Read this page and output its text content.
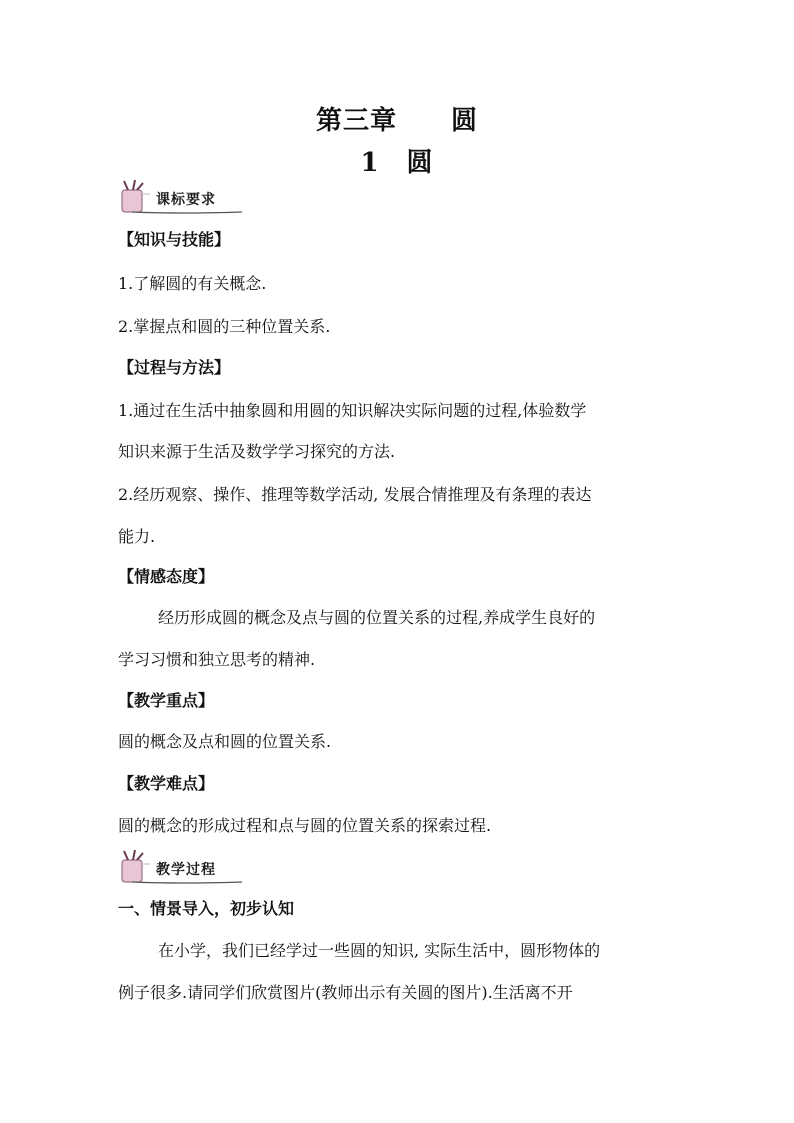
第三章　　圆
1　圆
课标要求
【知识与技能】
1.了解圆的有关概念.
2.掌握点和圆的三种位置关系.
【过程与方法】
1.通过在生活中抽象圆和用圆的知识解决实际问题的过程,体验数学
知识来源于生活及数学学习探究的方法.
2.经历观察、操作、推理等数学活动, 发展合情推理及有条理的表达
能力.
【情感态度】
经历形成圆的概念及点与圆的位置关系的过程,养成学生良好的
学习习惯和独立思考的精神.
【教学重点】
圆的概念及点和圆的位置关系.
【教学难点】
圆的概念的形成过程和点与圆的位置关系的探索过程.
教学过程
一、情景导入，初步认知
在小学，我们已经学过一些圆的知识, 实际生活中，圆形物体的
例子很多.请同学们欣赏图片(教师出示有关圆的图片).生活离不开
